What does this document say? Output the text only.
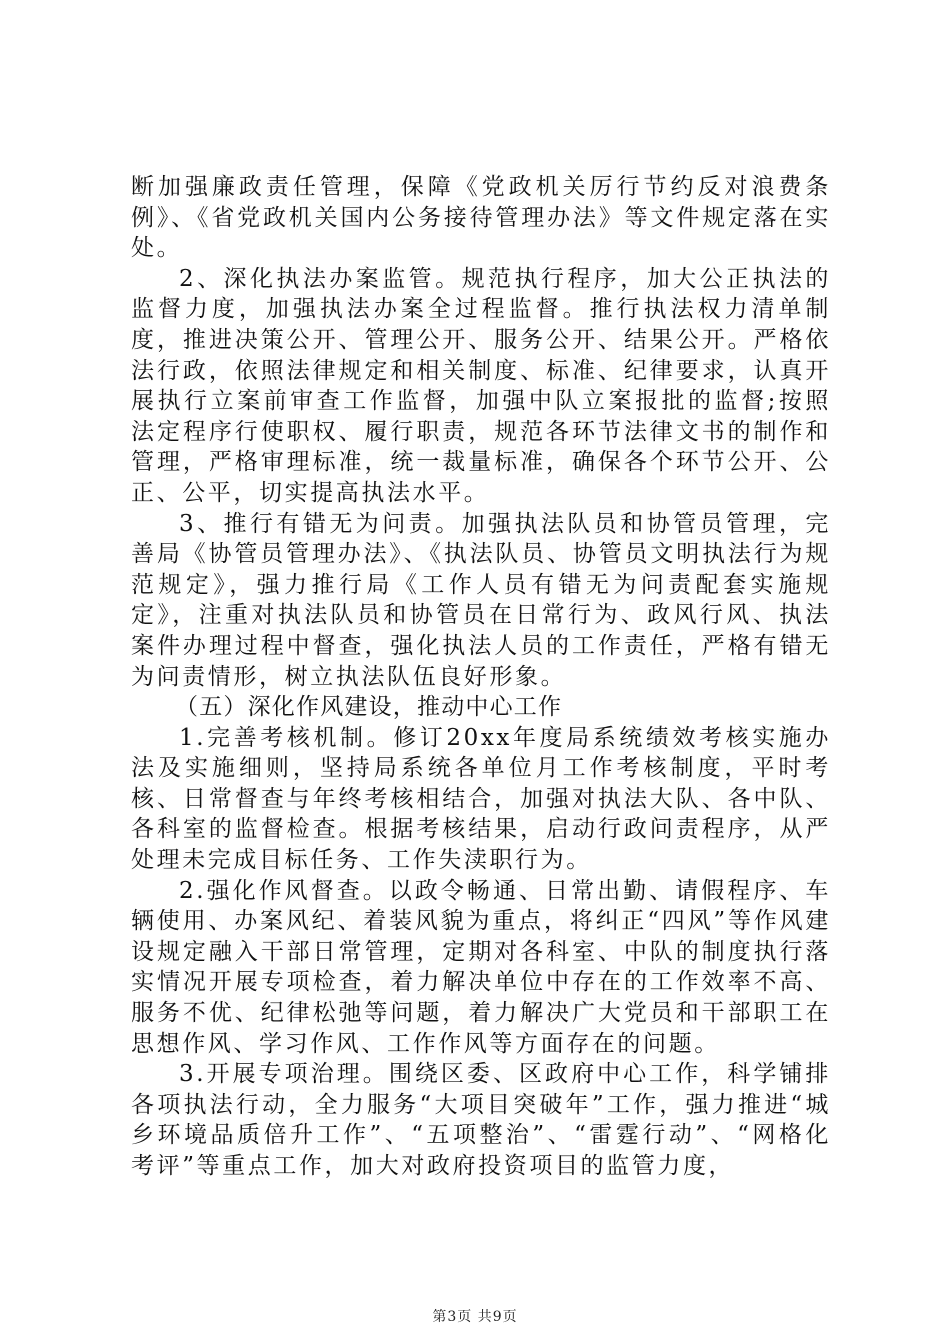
断加强廉政责任管理，保障《党政机关厉行节约反对浪费条例》、《省党政机关国内公务接待管理办法》等文件规定落在实处。

2、深化执法办案监管。规范执行程序，加大公正执法的监督力度，加强执法办案全过程监督。推行执法权力清单制度，推进决策公开、管理公开、服务公开、结果公开。严格依法行政，依照法律规定和相关制度、标准、纪律要求，认真开展执行立案前审查工作监督，加强中队立案报批的监督;按照法定程序行使职权、履行职责，规范各环节法律文书的制作和管理，严格审理标准，统一裁量标准，确保各个环节公开、公正、公平，切实提高执法水平。

3、推行有错无为问责。加强执法队员和协管员管理，完善局《协管员管理办法》、《执法队员、协管员文明执法行为规范规定》，强力推行局《工作人员有错无为问责配套实施规定》，注重对执法队员和协管员在日常行为、政风行风、执法案件办理过程中督查，强化执法人员的工作责任，严格有错无为问责情形，树立执法队伍良好形象。

（五）深化作风建设，推动中心工作

1.完善考核机制。修订20xx年度局系统绩效考核实施办法及实施细则，坚持局系统各单位月工作考核制度，平时考核、日常督查与年终考核相结合，加强对执法大队、各中队、各科室的监督检查。根据考核结果，启动行政问责程序，从严处理未完成目标任务、工作失渎职行为。

2.强化作风督查。以政令畅通、日常出勤、请假程序、车辆使用、办案风纪、着装风貌为重点，将纠正“四风”等作风建设规定融入干部日常管理，定期对各科室、中队的制度执行落实情况开展专项检查，着力解决单位中存在的工作效率不高、服务不优、纪律松弛等问题，着力解决广大党员和干部职工在思想作风、学习作风、工作作风等方面存在的问题。

3.开展专项治理。围绕区委、区政府中心工作，科学铺排各项执法行动，全力服务“大项目突破年”工作，强力推进“城乡环境品质倍升工作”、“五项整治”、“雷霆行动”、“网格化考评”等重点工作，加大对政府投资项目的监管力度，

第3页 共9页
